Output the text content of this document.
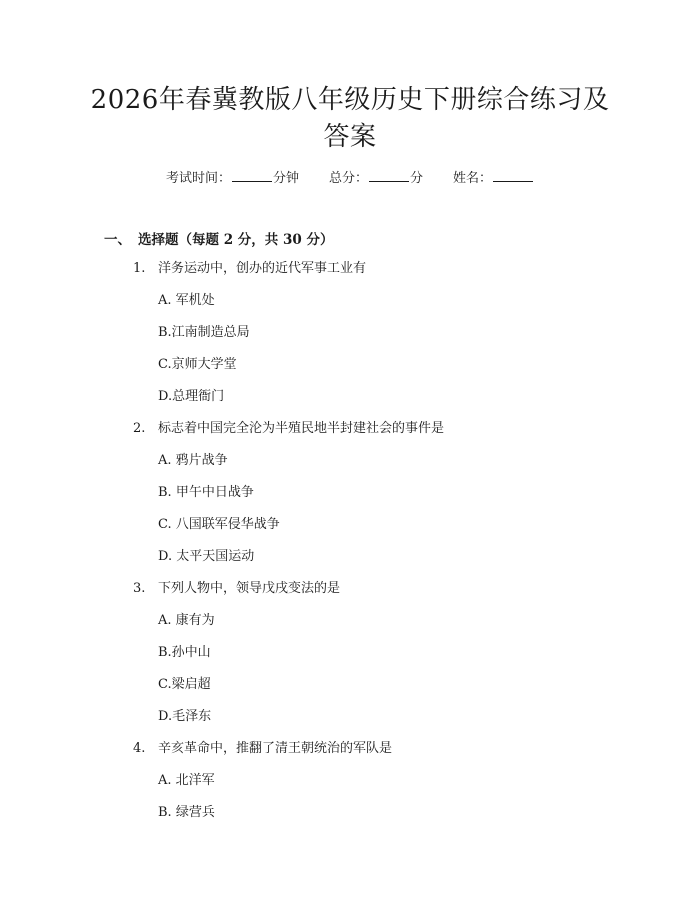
2026年春冀教版八年级历史下册综合练习及
答案
考试时间：	分钟 总分：	分 姓名：
一、 选择题（每题 2 分，共 30 分）
1. 洋务运动中，创办的近代军事工业有
A. 军机处
B.江南制造总局
C.京师大学堂
D.总理衙门
2. 标志着中国完全沦为半殖民地半封建社会的事件是
A. 鸦片战争
B. 甲午中日战争
C. 八国联军侵华战争
D. 太平天国运动
3. 下列人物中，领导戊戌变法的是
A. 康有为
B.孙中山
C.梁启超
D.毛泽东
4. 辛亥革命中，推翻了清王朝统治的军队是
A. 北洋军
B. 绿营兵
